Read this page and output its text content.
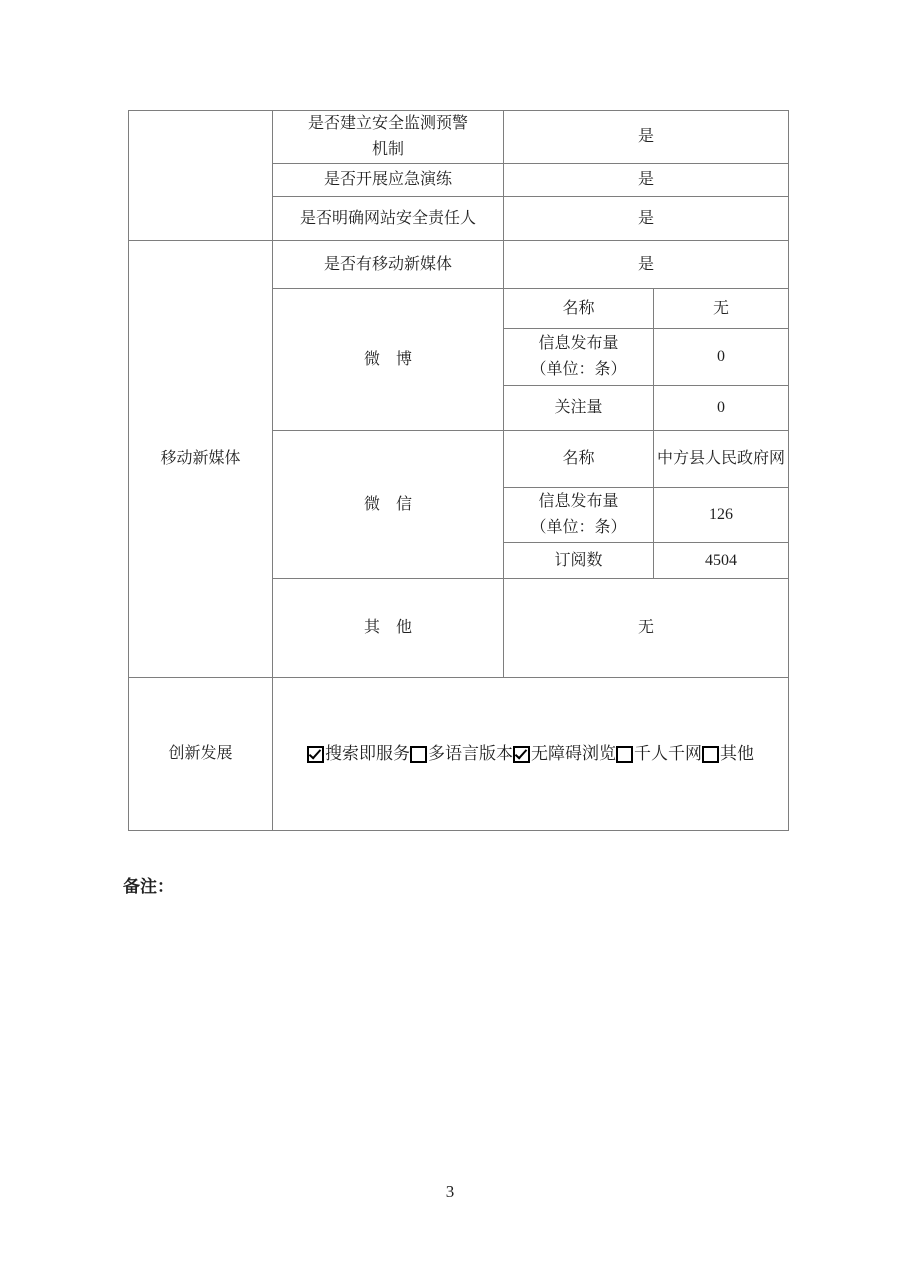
	是否建立安全监测预警
机制	是	
	是否开展应急演练	是	
	是否明确网站安全责任人	是	
移动新媒体	是否有移动新媒体	是	
	微　博	名称	无

		信息发布量
（单位：条）	0
		关注量	0
	微　信	名称	中方县人民政府网

		信息发布量
（单位：条）	126
		订阅数	4504
	其　他	无	
创新发展	搜索即服务 多语言版本 无障碍浏览 千人千网 其他		
备注：
3
